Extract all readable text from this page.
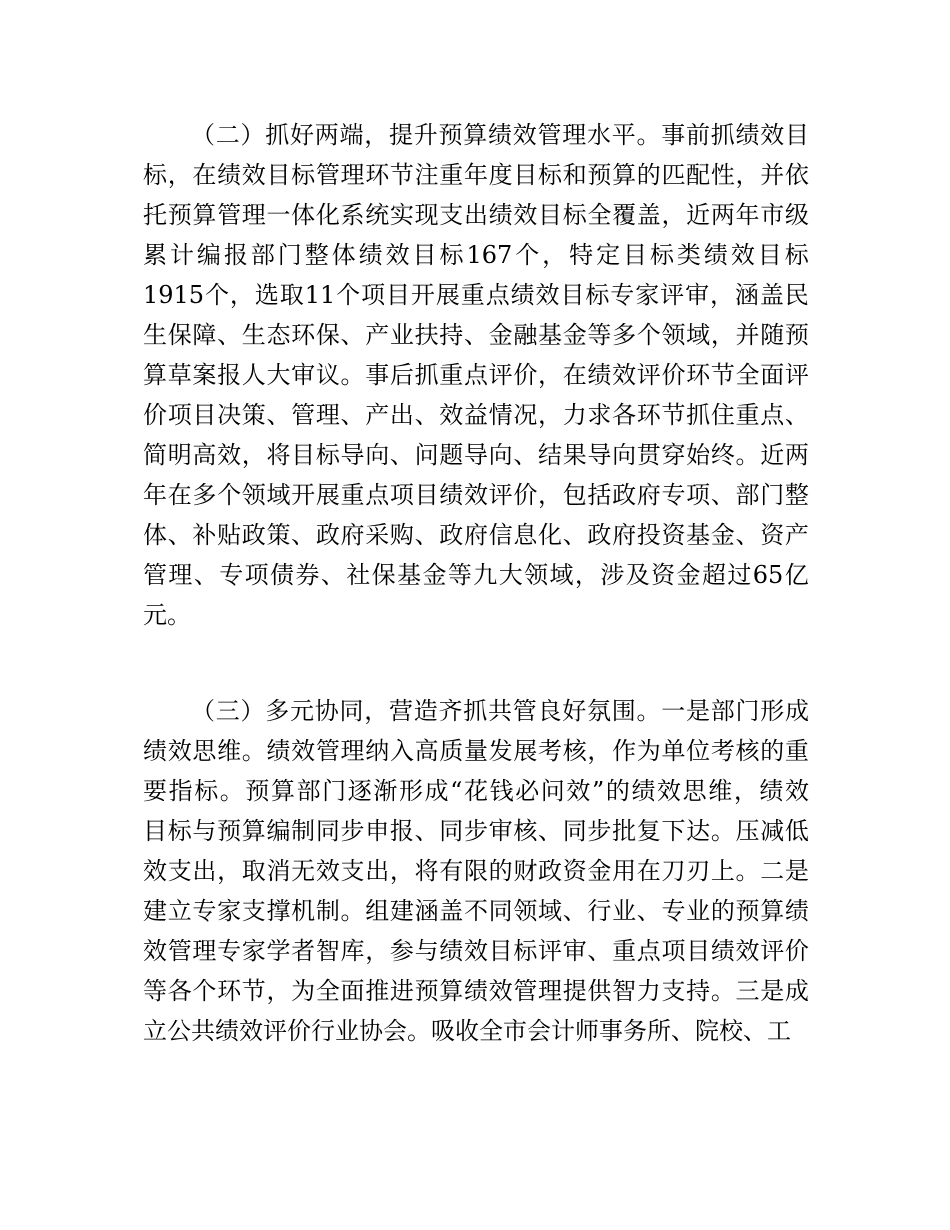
（ 二 ） 抓 好 两 端 ， 提 升 预 算 绩 效 管 理 水 平 。 事 前 抓 绩 效 目
标 ， 在 绩 效 目 标 管 理 环 节 注 重 年 度 目 标 和 预 算 的 匹 配 性 ， 并 依
托 预 算 管 理 一 体 化 系 统 实 现 支 出 绩 效 目 标 全 覆 盖 ， 近 两 年 市 级
累 计 编 报 部 门 整 体 绩 效 目 标 167 个 ， 特 定 目 标 类 绩 效 目 标
1915 个 ， 选 取 11 个 项 目 开 展 重 点 绩 效 目 标 专 家 评 审 ， 涵 盖 民
生 保 障 、 生 态 环 保 、 产 业 扶 持 、 金 融 基 金 等 多 个 领 域 ， 并 随 预
算 草 案 报 人 大 审 议 。 事 后 抓 重 点 评 价 ， 在 绩 效 评 价 环 节 全 面 评
价 项 目 决 策 、 管 理 、 产 出 、 效 益 情 况 ， 力 求 各 环 节 抓 住 重 点 、
简 明 高 效 ， 将 目 标 导 向 、 问 题 导 向 、 结 果 导 向 贯 穿 始 终 。 近 两
年 在 多 个 领 域 开 展 重 点 项 目 绩 效 评 价 ， 包 括 政 府 专 项 、 部 门 整
体 、 补 贴 政 策 、 政 府 采 购 、 政 府 信 息 化 、 政 府 投 资 基 金 、 资 产
管 理 、 专 项 债 券 、 社 保 基 金 等 九 大 领 域 ， 涉 及 资 金 超 过 65 亿
元。
（ 三 ） 多 元 协 同 ， 营 造 齐 抓 共 管 良 好 氛 围 。 一 是 部 门 形 成
绩 效 思 维 。 绩 效 管 理 纳 入 高 质 量 发 展 考 核 ， 作 为 单 位 考 核 的 重
要 指 标 。 预 算 部 门 逐 渐 形 成 “ 花 钱 必 问 效 ” 的 绩 效 思 维 ， 绩 效
目 标 与 预 算 编 制 同 步 申 报 、 同 步 审 核 、 同 步 批 复 下 达 。 压 减 低
效 支 出 ， 取 消 无 效 支 出 ， 将 有 限 的 财 政 资 金 用 在 刀 刃 上 。 二 是
建 立 专 家 支 撑 机 制 。 组 建 涵 盖 不 同 领 域 、 行 业 、 专 业 的 预 算 绩
效 管 理 专 家 学 者 智 库 ， 参 与 绩 效 目 标 评 审 、 重 点 项 目 绩 效 评 价
等 各 个 环 节 ， 为 全 面 推 进 预 算 绩 效 管 理 提 供 智 力 支 持 。 三 是 成
立公共绩效评价行业协会。吸收全市会计师事务所、院校、工
